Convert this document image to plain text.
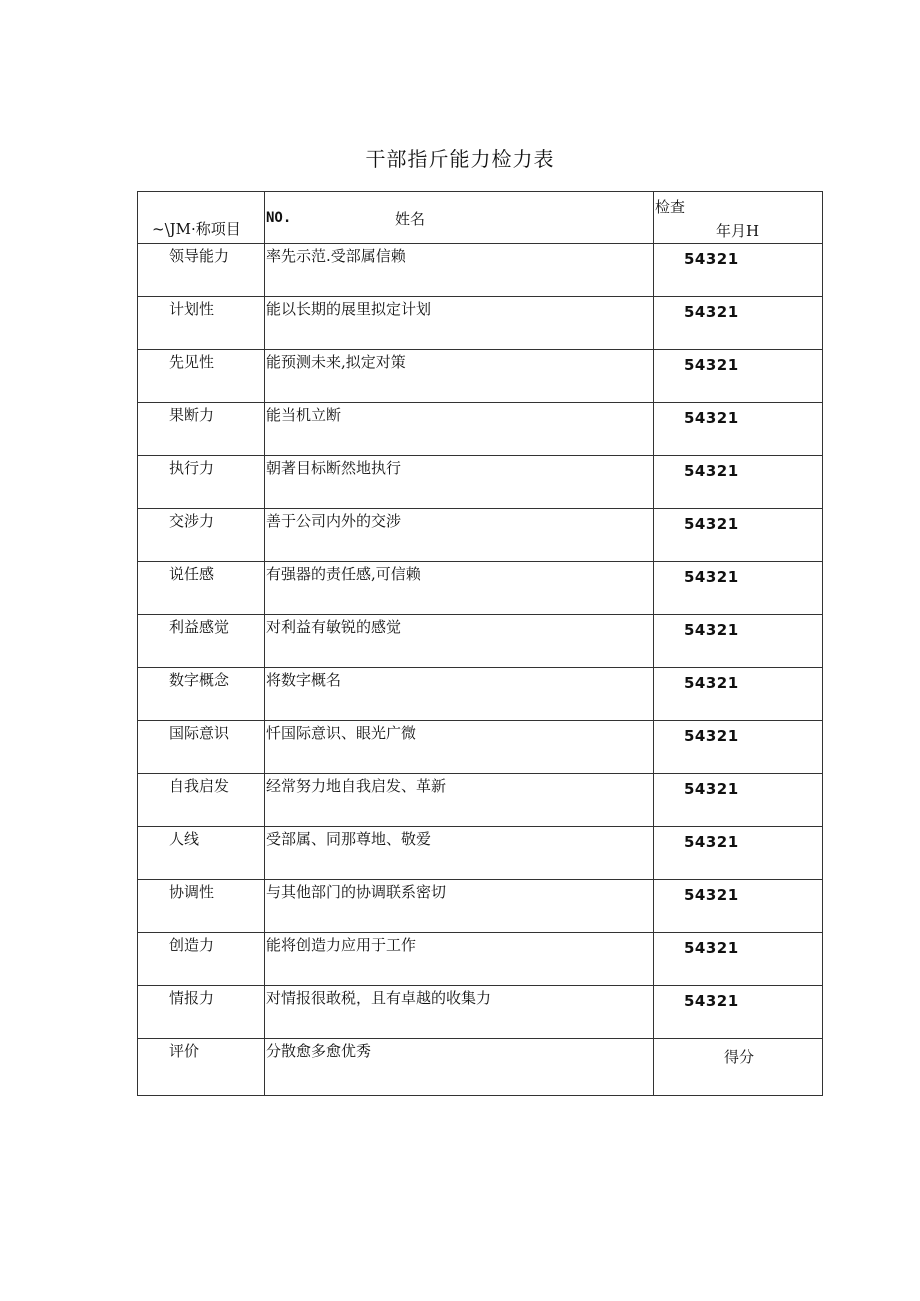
干部指斤能力检力表
~\JM·称项目	NO. 姓名	检查
年月H

领导能力	率先示范.受部属信赖	54321
计划性	能以长期的展里拟定计划	54321
先见性	能预测未来,拟定对策	54321
果断力	能当机立断	54321
执行力	朝著目标断然地执行	54321
交涉力	善于公司内外的交涉	54321
说任感	有强器的责任感,可信赖	54321
利益感觉	对利益有敏锐的感觉	54321
数字概念	将数字概名	54321
国际意识	忏国际意识、眼光广微	54321
自我启发	经常努力地自我启发、革新	54321
人线	受部属、同那尊地、敬爱	54321
协调性	与其他部门的协调联系密切	54321
创造力	能将创造力应用于工作	54321
情报力	对情报很敢税，且有卓越的收集力	54321
评价	分散愈多愈优秀	得分
